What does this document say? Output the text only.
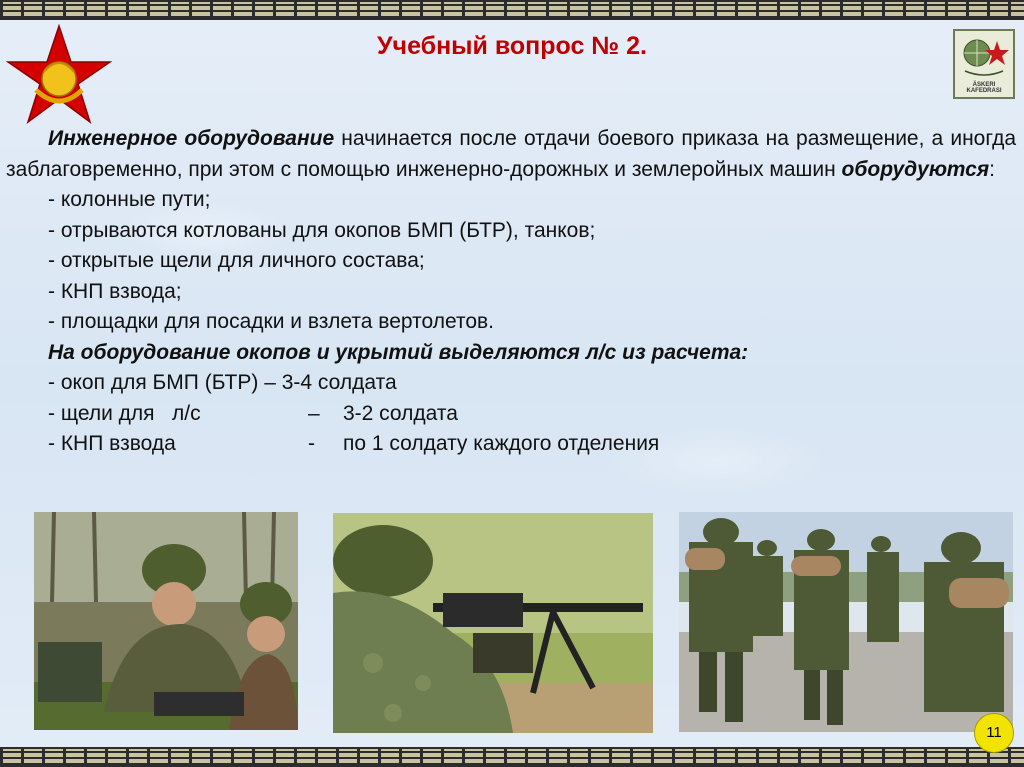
ÄSKERI KAFEDRASI
Учебный вопрос № 2.

Инженерное оборудование начинается после отдачи боевого приказа на размещение, а иногда заблаговременно, при этом с помощью инженерно-дорожных и землеройных машин оборудуются:

- колонные пути;

- отрываются котлованы для окопов БМП (БТР), танков;

- открытые щели для личного состава;

- КНП взвода;

- площадки для посадки и взлета вертолетов.

На оборудование окопов и укрытий выделяются л/с из расчета:

- окоп для БМП (БТР) – 3-4 солдата

- щели для   л/с	– 3-2 солдата

- КНП взвода	- по 1 солдату каждого отделения

11
